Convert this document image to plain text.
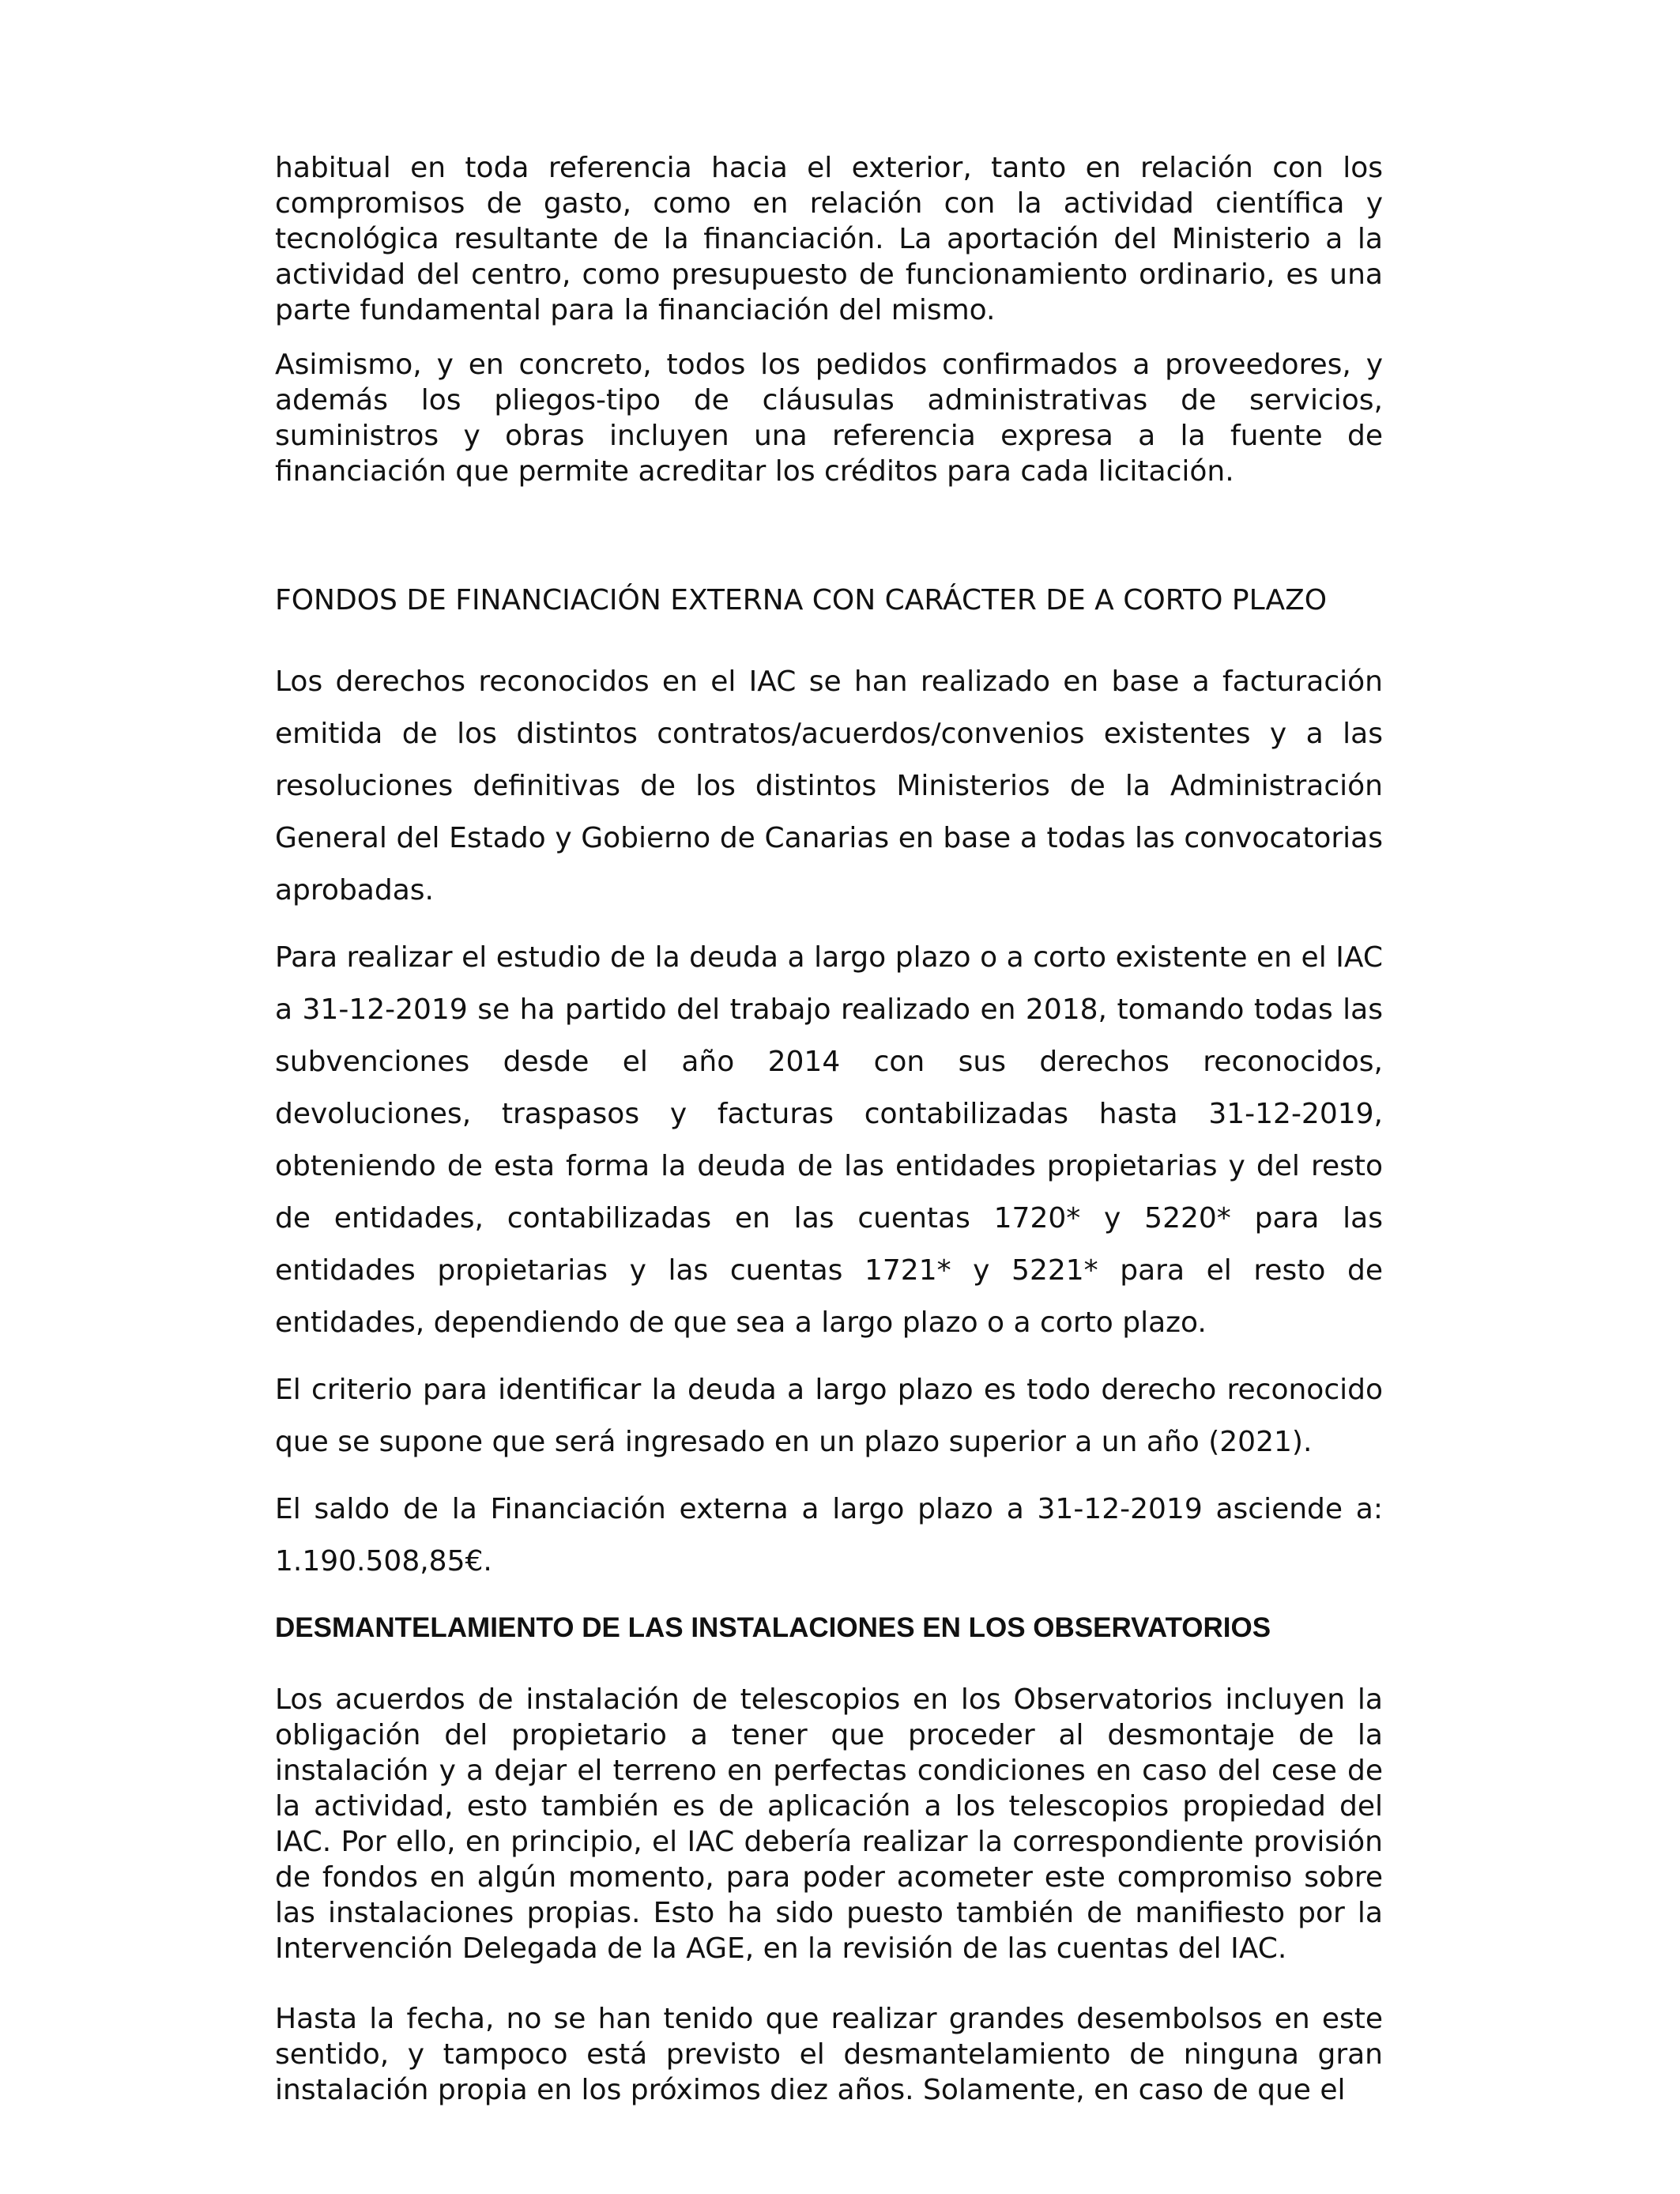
habitual en toda referencia hacia el exterior, tanto en relación con los compromisos de gasto, como en relación con la actividad científica y tecnológica resultante de la financiación. La aportación del Ministerio a la actividad del centro, como presupuesto de funcionamiento ordinario, es una parte fundamental para la financiación del mismo.

Asimismo, y en concreto, todos los pedidos confirmados a proveedores, y además los pliegos-tipo de cláusulas administrativas de servicios, suministros y obras incluyen una referencia expresa a la fuente de financiación que permite acreditar los créditos para cada licitación.

FONDOS DE FINANCIACIÓN EXTERNA CON CARÁCTER DE A CORTO PLAZO

Los derechos reconocidos en el IAC se han realizado en base a facturación emitida de los distintos contratos/acuerdos/convenios existentes y a las resoluciones definitivas de los distintos Ministerios de la Administración General del Estado y Gobierno de Canarias en base a todas las convocatorias aprobadas.

Para realizar el estudio de la deuda a largo plazo o a corto existente en el IAC a 31-12-2019 se ha partido del trabajo realizado en 2018, tomando todas las subvenciones desde el año 2014 con sus derechos reconocidos, devoluciones, traspasos y facturas contabilizadas hasta 31-12-2019, obteniendo de esta forma la deuda de las entidades propietarias y del resto de entidades, contabilizadas en las cuentas 1720* y 5220* para las entidades propietarias y las cuentas 1721* y 5221* para el resto de entidades, dependiendo de que sea a largo plazo o a corto plazo.

El criterio para identificar la deuda a largo plazo es todo derecho reconocido que se supone que será ingresado en un plazo superior a un año (2021).

El saldo de la Financiación externa a largo plazo a 31-12-2019 asciende a: 1.190.508,85€.

DESMANTELAMIENTO DE LAS INSTALACIONES EN LOS OBSERVATORIOS

Los acuerdos de instalación de telescopios en los Observatorios incluyen la obligación del propietario a tener que proceder al desmontaje de la instalación y a dejar el terreno en perfectas condiciones en caso del cese de la actividad, esto también es de aplicación a los telescopios propiedad del IAC. Por ello, en principio, el IAC debería realizar la correspondiente provisión de fondos en algún momento, para poder acometer este compromiso sobre las instalaciones propias. Esto ha sido puesto también de manifiesto por la Intervención Delegada de la AGE, en la revisión de las cuentas del IAC.

Hasta la fecha, no se han tenido que realizar grandes desembolsos en este sentido, y tampoco está previsto el desmantelamiento de ninguna gran instalación propia en los próximos diez años. Solamente, en caso de que el
